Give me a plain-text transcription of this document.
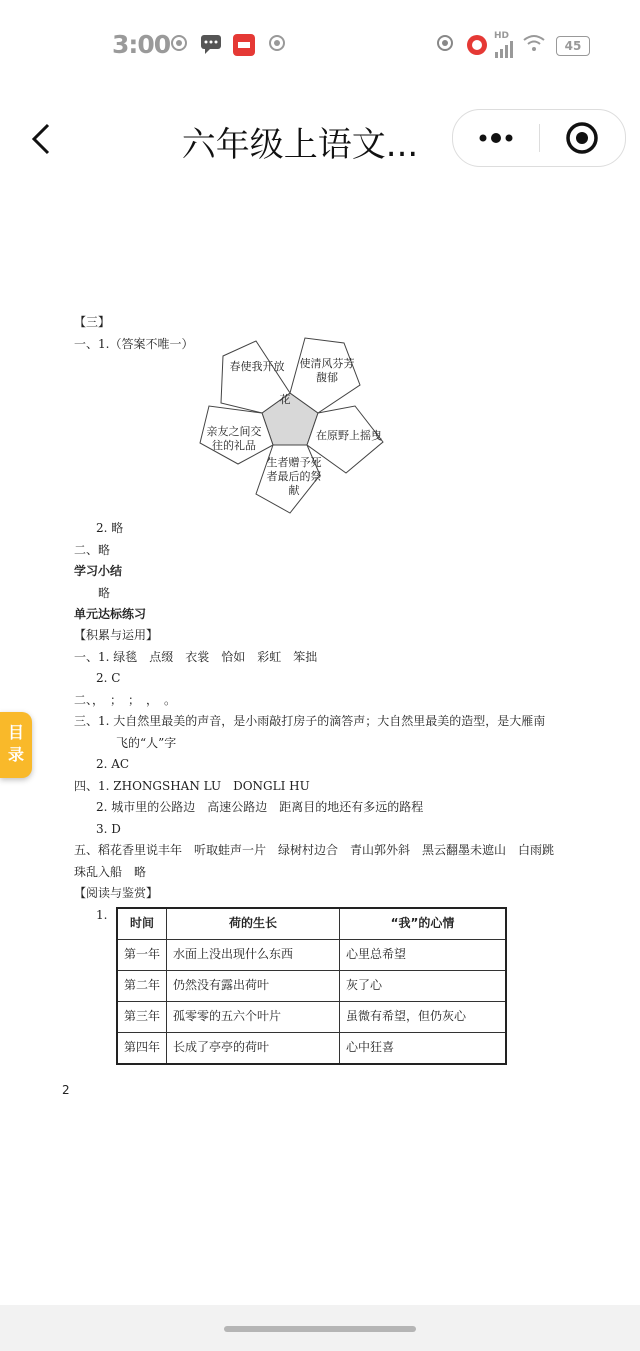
3:00	HD
45
六年级上语文...
【三】
一、1.（答案不唯一）
花
春使我开放	使清风芬芳馥郁
在原野上摇曳
生者赠予死者最后的祭献
亲友之间交往的礼品
2. 略
二、略
学习小结
略
单元达标练习
【积累与运用】
一、1. 绿毯　点缀　衣裳　恰如　彩虹　笨拙
2. C
二、，　；　；　，　。
三、1. 大自然里最美的声音，是小雨敲打房子的滴答声；大自然里最美的造型，是大雁南
飞的“人”字
2. AC
四、1. ZHONGSHAN LU　DONGLI HU
2. 城市里的公路边　高速公路边　距离目的地还有多远的路程
3. D
五、稻花香里说丰年　听取蛙声一片　绿树村边合　青山郭外斜　黑云翻墨未遮山　白雨跳
珠乱入船　略
【阅读与鉴赏】
1.
时间	荷的生长	“我”的心情
第一年	水面上没出现什么东西	心里总希望
第二年	仍然没有露出荷叶	灰了心
第三年	孤零零的五六个叶片	虽微有希望，但仍灰心
第四年	长成了亭亭的荷叶	心中狂喜
2
目
录
